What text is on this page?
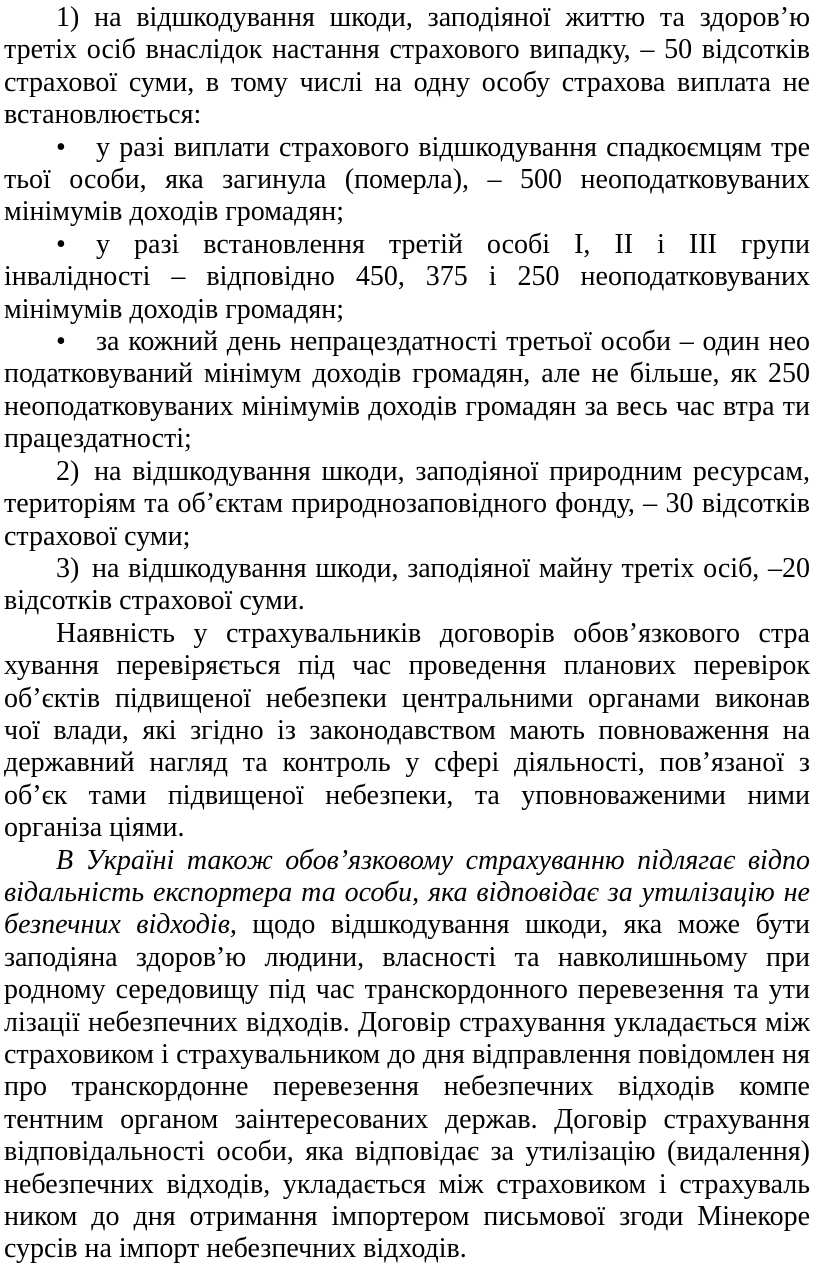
1) на відшкодування шкоди, заподіяної життю та здоров’ю третіх осіб внаслідок настання страхового випадку, – 50 відсотків страхової суми, в тому числі на одну особу страхова виплата не встановлюється:

• у разі виплати страхового відшкодування спадкоємцям тре тьої особи, яка загинула (померла), – 500 неоподатковуваних мінімумів доходів громадян;

• у разі встановлення третій особі I, II і III групи інвалідності – відповідно 450, 375 і 250 неоподатковуваних мінімумів доходів громадян;

• за кожний день непрацездатності третьої особи – один нео податковуваний мінімум доходів громадян, але не більше, як 250 неоподатковуваних мінімумів доходів громадян за весь час втра ти працездатності;

2) на відшкодування шкоди, заподіяної природним ресурсам, територіям та об’єктам природнозаповідного фонду, – 30 відсотків страхової суми;

3) на відшкодування шкоди, заподіяної майну третіх осіб, –20 відсотків страхової суми.

Наявність у страхувальників договорів обов’язкового стра хування перевіряється під час проведення планових перевірок об’єктів підвищеної небезпеки центральними органами виконав чої влади, які згідно із законодавством мають повноваження на державний нагляд та контроль у сфері діяльності, пов’язаної з об’єк тами підвищеної небезпеки, та уповноваженими ними організа ціями.

В Україні також обов’язковому страхуванню підлягає відпо відальність експортера та особи, яка відповідає за утилізацію не безпечних відходів, щодо відшкодування шкоди, яка може бути заподіяна здоров’ю людини, власності та навколишньому при родному середовищу під час транскордонного перевезення та ути лізації небезпечних відходів. Договір страхування укладається між страховиком і страхувальником до дня відправлення повідомлен ня про транскордонне перевезення небезпечних відходів компе тентним органом заінтересованих держав. Договір страхування відповідальності особи, яка відповідає за утилізацію (видалення) небезпечних відходів, укладається між страховиком і страхуваль ником до дня отримання імпортером письмової згоди Мінекоре сурсів на імпорт небезпечних відходів.
